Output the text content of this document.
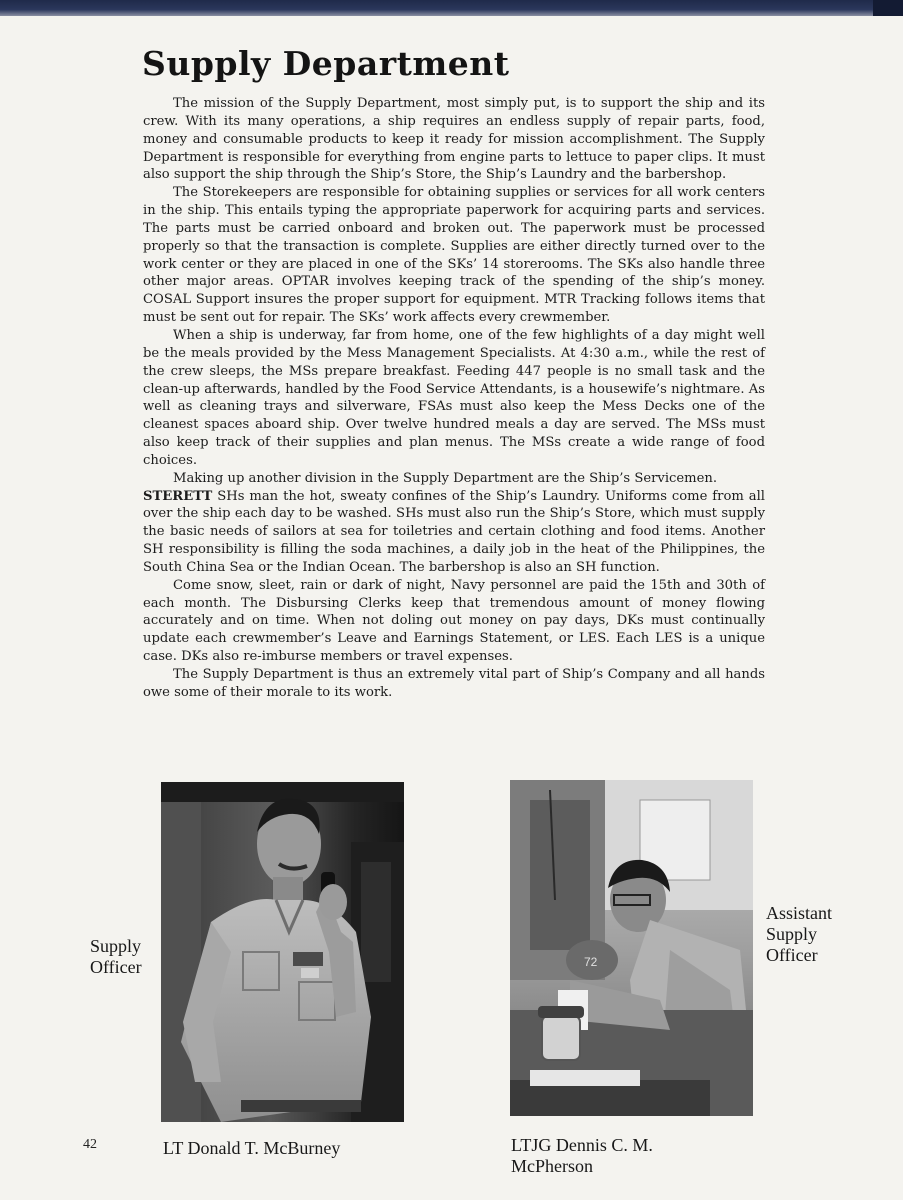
Supply Department

The mission of the Supply Department, most simply put, is to support the ship and its crew. With its many operations, a ship requires an endless supply of repair parts, food, money and consumable products to keep it ready for mission accomplishment. The Supply Department is responsible for everything from engine parts to lettuce to paper clips. It must also support the ship through the Ship’s Store, the Ship’s Laundry and the barbershop.

The Storekeepers are responsible for obtaining supplies or services for all work centers in the ship. This entails typing the appropriate paperwork for acquiring parts and services. The parts must be carried onboard and broken out. The paperwork must be processed properly so that the transaction is complete. Supplies are either directly turned over to the work center or they are placed in one of the SKs’ 14 storerooms. The SKs also handle three other major areas. OPTAR involves keeping track of the spending of the ship’s money. COSAL Support insures the proper support for equipment. MTR Tracking follows items that must be sent out for repair. The SKs’ work affects every crewmember.

When a ship is underway, far from home, one of the few highlights of a day might well be the meals provided by the Mess Management Specialists. At 4:30 a.m., while the rest of the crew sleeps, the MSs prepare breakfast. Feeding 447 people is no small task and the clean-up afterwards, handled by the Food Service Attendants, is a housewife’s nightmare. As well as cleaning trays and silverware, FSAs must also keep the Mess Decks one of the cleanest spaces aboard ship. Over twelve hundred meals a day are served. The MSs must also keep track of their supplies and plan menus. The MSs create a wide range of food choices.

Making up another division in the Supply Department are the Ship’s Servicemen.

STERETT SHs man the hot, sweaty confines of the Ship’s Laundry. Uniforms come from all over the ship each day to be washed. SHs must also run the Ship’s Store, which must supply the basic needs of sailors at sea for toiletries and certain clothing and food items. Another SH responsibility is filling the soda machines, a daily job in the heat of the Philippines, the South China Sea or the Indian Ocean. The barbershop is also an SH function.

Come snow, sleet, rain or dark of night, Navy personnel are paid the 15th and 30th of each month. The Disbursing Clerks keep that tremendous amount of money flowing accurately and on time. When not doling out money on pay days, DKs must continually update each crewmember’s Leave and Earnings Statement, or LES. Each LES is a unique case. DKs also re-imburse members or travel expenses.

The Supply Department is thus an extremely vital part of Ship’s Company and all hands owe some of their morale to its work.

Supply
Officer	72
Assistant
Supply
Officer
42	LT Donald T. McBurney	LTJG Dennis C. M.
McPherson
